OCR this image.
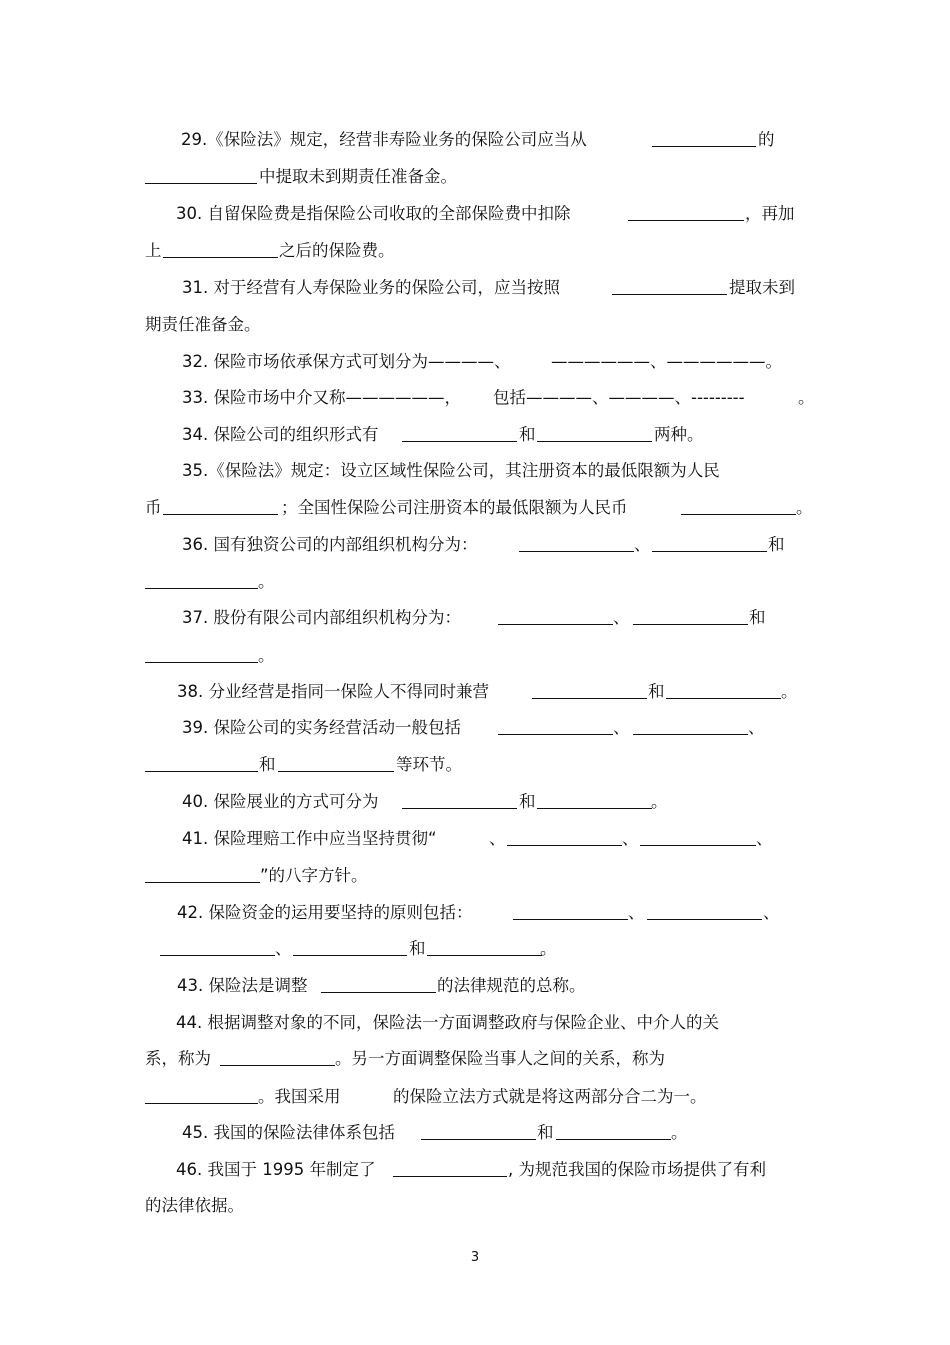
29.《保险法》规定，经营非寿险业务的保险公司应当从	的
中提取未到期责任准备金。
30. 自留保险费是指保险公司收取的全部保险费中扣除	，再加
上	之后的保险费。
31. 对于经营有人寿保险业务的保险公司，应当按照	提取未到
期责任准备金。
32. 保险市场依承保方式可划分为————、 ——————、——————。
33. 保险市场中介又称——————， 包括————、————、---------	。
34. 保险公司的组织形式有	和	两种。
35.《保险法》规定：设立区域性保险公司，其注册资本的最低限额为人民
币	；全国性保险公司注册资本的最低限额为人民币	。
36. 国有独资公司的内部组织机构分为：	、	和
。
37. 股份有限公司内部组织机构分为：	、	和
。
38. 分业经营是指同一保险人不得同时兼营	和	。
39. 保险公司的实务经营活动一般包括	、	、
和	等环节。
40. 保险展业的方式可分为	和	。
41. 保险理赔工作中应当坚持贯彻“	、	、	、
”的八字方针。
42. 保险资金的运用要坚持的原则包括：	、	、
、	和	。
43. 保险法是调整	的法律规范的总称。
44. 根据调整对象的不同，保险法一方面调整政府与保险企业、中介人的关
系，称为	。另一方面调整保险当事人之间的关系，称为
。我国采用	的保险立法方式就是将这两部分合二为一。
45. 我国的保险法律体系包括	和	。
46. 我国于 1995 年制定了	, 为规范我国的保险市场提供了有利
的法律依据。
3
